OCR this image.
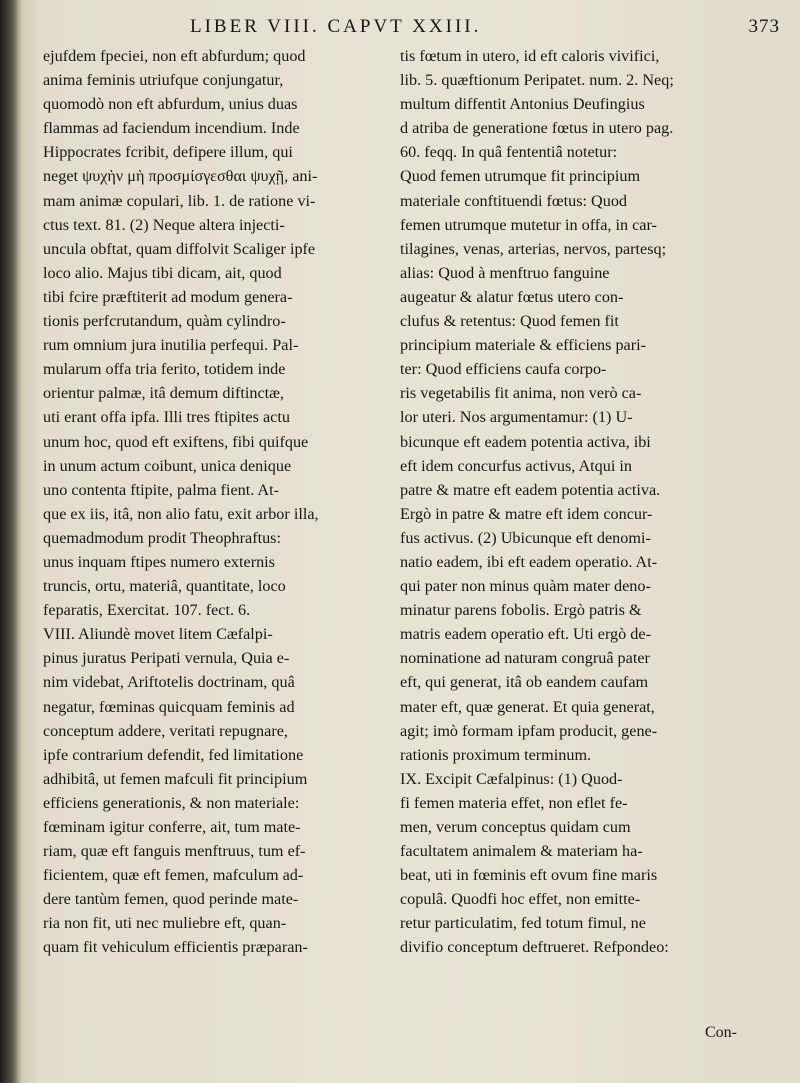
LIBER VIII. CAPVT XXIII.	373
ejufdem fpeciei, non eft abfurdum; quod
anima feminis utriufque conjungatur,
quomodò non eft abfurdum, unius duas
flammas ad faciendum incendium. Inde
Hippocrates fcribit, defipere illum, qui
neget ψυχὴν μὴ προσμίσγεσθαι ψυχῇ, ani-
mam animæ copulari, lib. 1. de ratione vi-
ctus text. 81. (2) Neque altera injecti-
uncula obftat, quam diffolvit Scaliger ipfe
loco alio. Majus tibi dicam, ait, quod
tibi fcire præftiterit ad modum genera-
tionis perfcrutandum, quàm cylindro-
rum omnium jura inutilia perfequi. Pal-
mularum offa tria ferito, totidem inde
orientur palmæ, itâ demum diftinctæ,
uti erant offa ipfa. Illi tres ftipites actu
unum hoc, quod eft exiftens, fibi quifque
in unum actum coibunt, unica denique
uno contenta ftipite, palma fient. At-
que ex iis, itâ, non alio fatu, exit arbor illa,
quemadmodum prodit Theophraftus:
unus inquam ftipes numero externis
truncis, ortu, materiâ, quantitate, loco
feparatis, Exercitat. 107. fect. 6.
VIII. Aliundè movet litem Cæfalpi-
pinus juratus Peripati vernula, Quia e-
nim videbat, Ariftotelis doctrinam, quâ
negatur, fœminas quicquam feminis ad
conceptum addere, veritati repugnare,
ipfe contrarium defendit, fed limitatione
adhibitâ, ut femen mafculi fit principium
efficiens generationis, & non materiale:
fœminam igitur conferre, ait, tum mate-
riam, quæ eft fanguis menftruus, tum ef-
ficientem, quæ eft femen, mafculum ad-
dere tantùm femen, quod perinde mate-
ria non fit, uti nec muliebre eft, quan-
quam fit vehiculum efficientis præparan-
tis fœtum in utero, id eft caloris vivifici,
lib. 5. quæftionum Peripatet. num. 2. Neq;
multum diffentit Antonius Deufingius
d atriba de generatione fœtus in utero pag.
60. feqq. In quâ fententiâ notetur:
Quod femen utrumque fit principium
materiale conftituendi fœtus: Quod
femen utrumque mutetur in offa, in car-
tilagines, venas, arterias, nervos, partesq;
alias: Quod à menftruo fanguine
augeatur & alatur fœtus utero con-
clufus & retentus: Quod femen fit
principium materiale & efficiens pari-
ter: Quod efficiens caufa corpo-
ris vegetabilis fit anima, non verò ca-
lor uteri. Nos argumentamur: (1) U-
bicunque eft eadem potentia activa, ibi
eft idem concurfus activus, Atqui in
patre & matre eft eadem potentia activa.
Ergò in patre & matre eft idem concur-
fus activus. (2) Ubicunque eft denomi-
natio eadem, ibi eft eadem operatio. At-
qui pater non minus quàm mater deno-
minatur parens fobolis. Ergò patris &
matris eadem operatio eft. Uti ergò de-
nominatione ad naturam congruâ pater
eft, qui generat, itâ ob eandem caufam
mater eft, quæ generat. Et quia generat,
agit; imò formam ipfam producit, gene-
rationis proximum terminum.
IX. Excipit Cæfalpinus: (1) Quod-
fi femen materia effet, non eflet fe-
men, verum conceptus quidam cum
facultatem animalem & materiam ha-
beat, uti in fœminis eft ovum fine maris
copulâ. Quodfi hoc effet, non emitte-
retur particulatim, fed totum fimul, ne
divifio conceptum deftrueret. Refpondeo:
Con-
